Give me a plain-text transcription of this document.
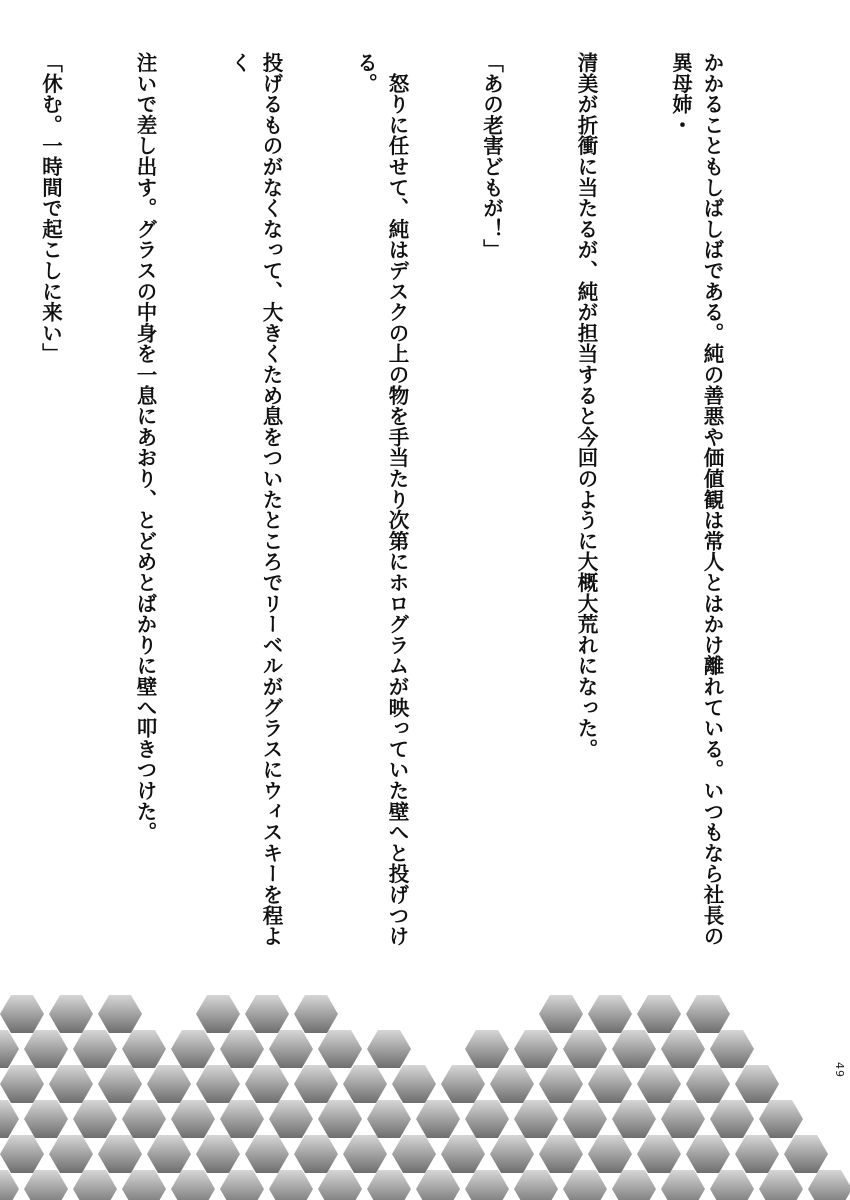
かかることもしばしばである。純の善悪や価値観は常人とはかけ離れている。いつもなら社長の異母姉・

清美が折衝に当たるが、純が担当すると今回のように大概大荒れになった。

「あの老害どもが！」

　怒りに任せて、純はデスクの上の物を手当たり次第にホログラムが映っていた壁へと投げつける。

投げるものがなくなって、大きくため息をついたところでリーベルがグラスにウィスキーを程よく

注いで差し出す。グラスの中身を一息にあおり、とどめとばかりに壁へ叩きつけた。

「休む。一時間で起こしに来い」

49
